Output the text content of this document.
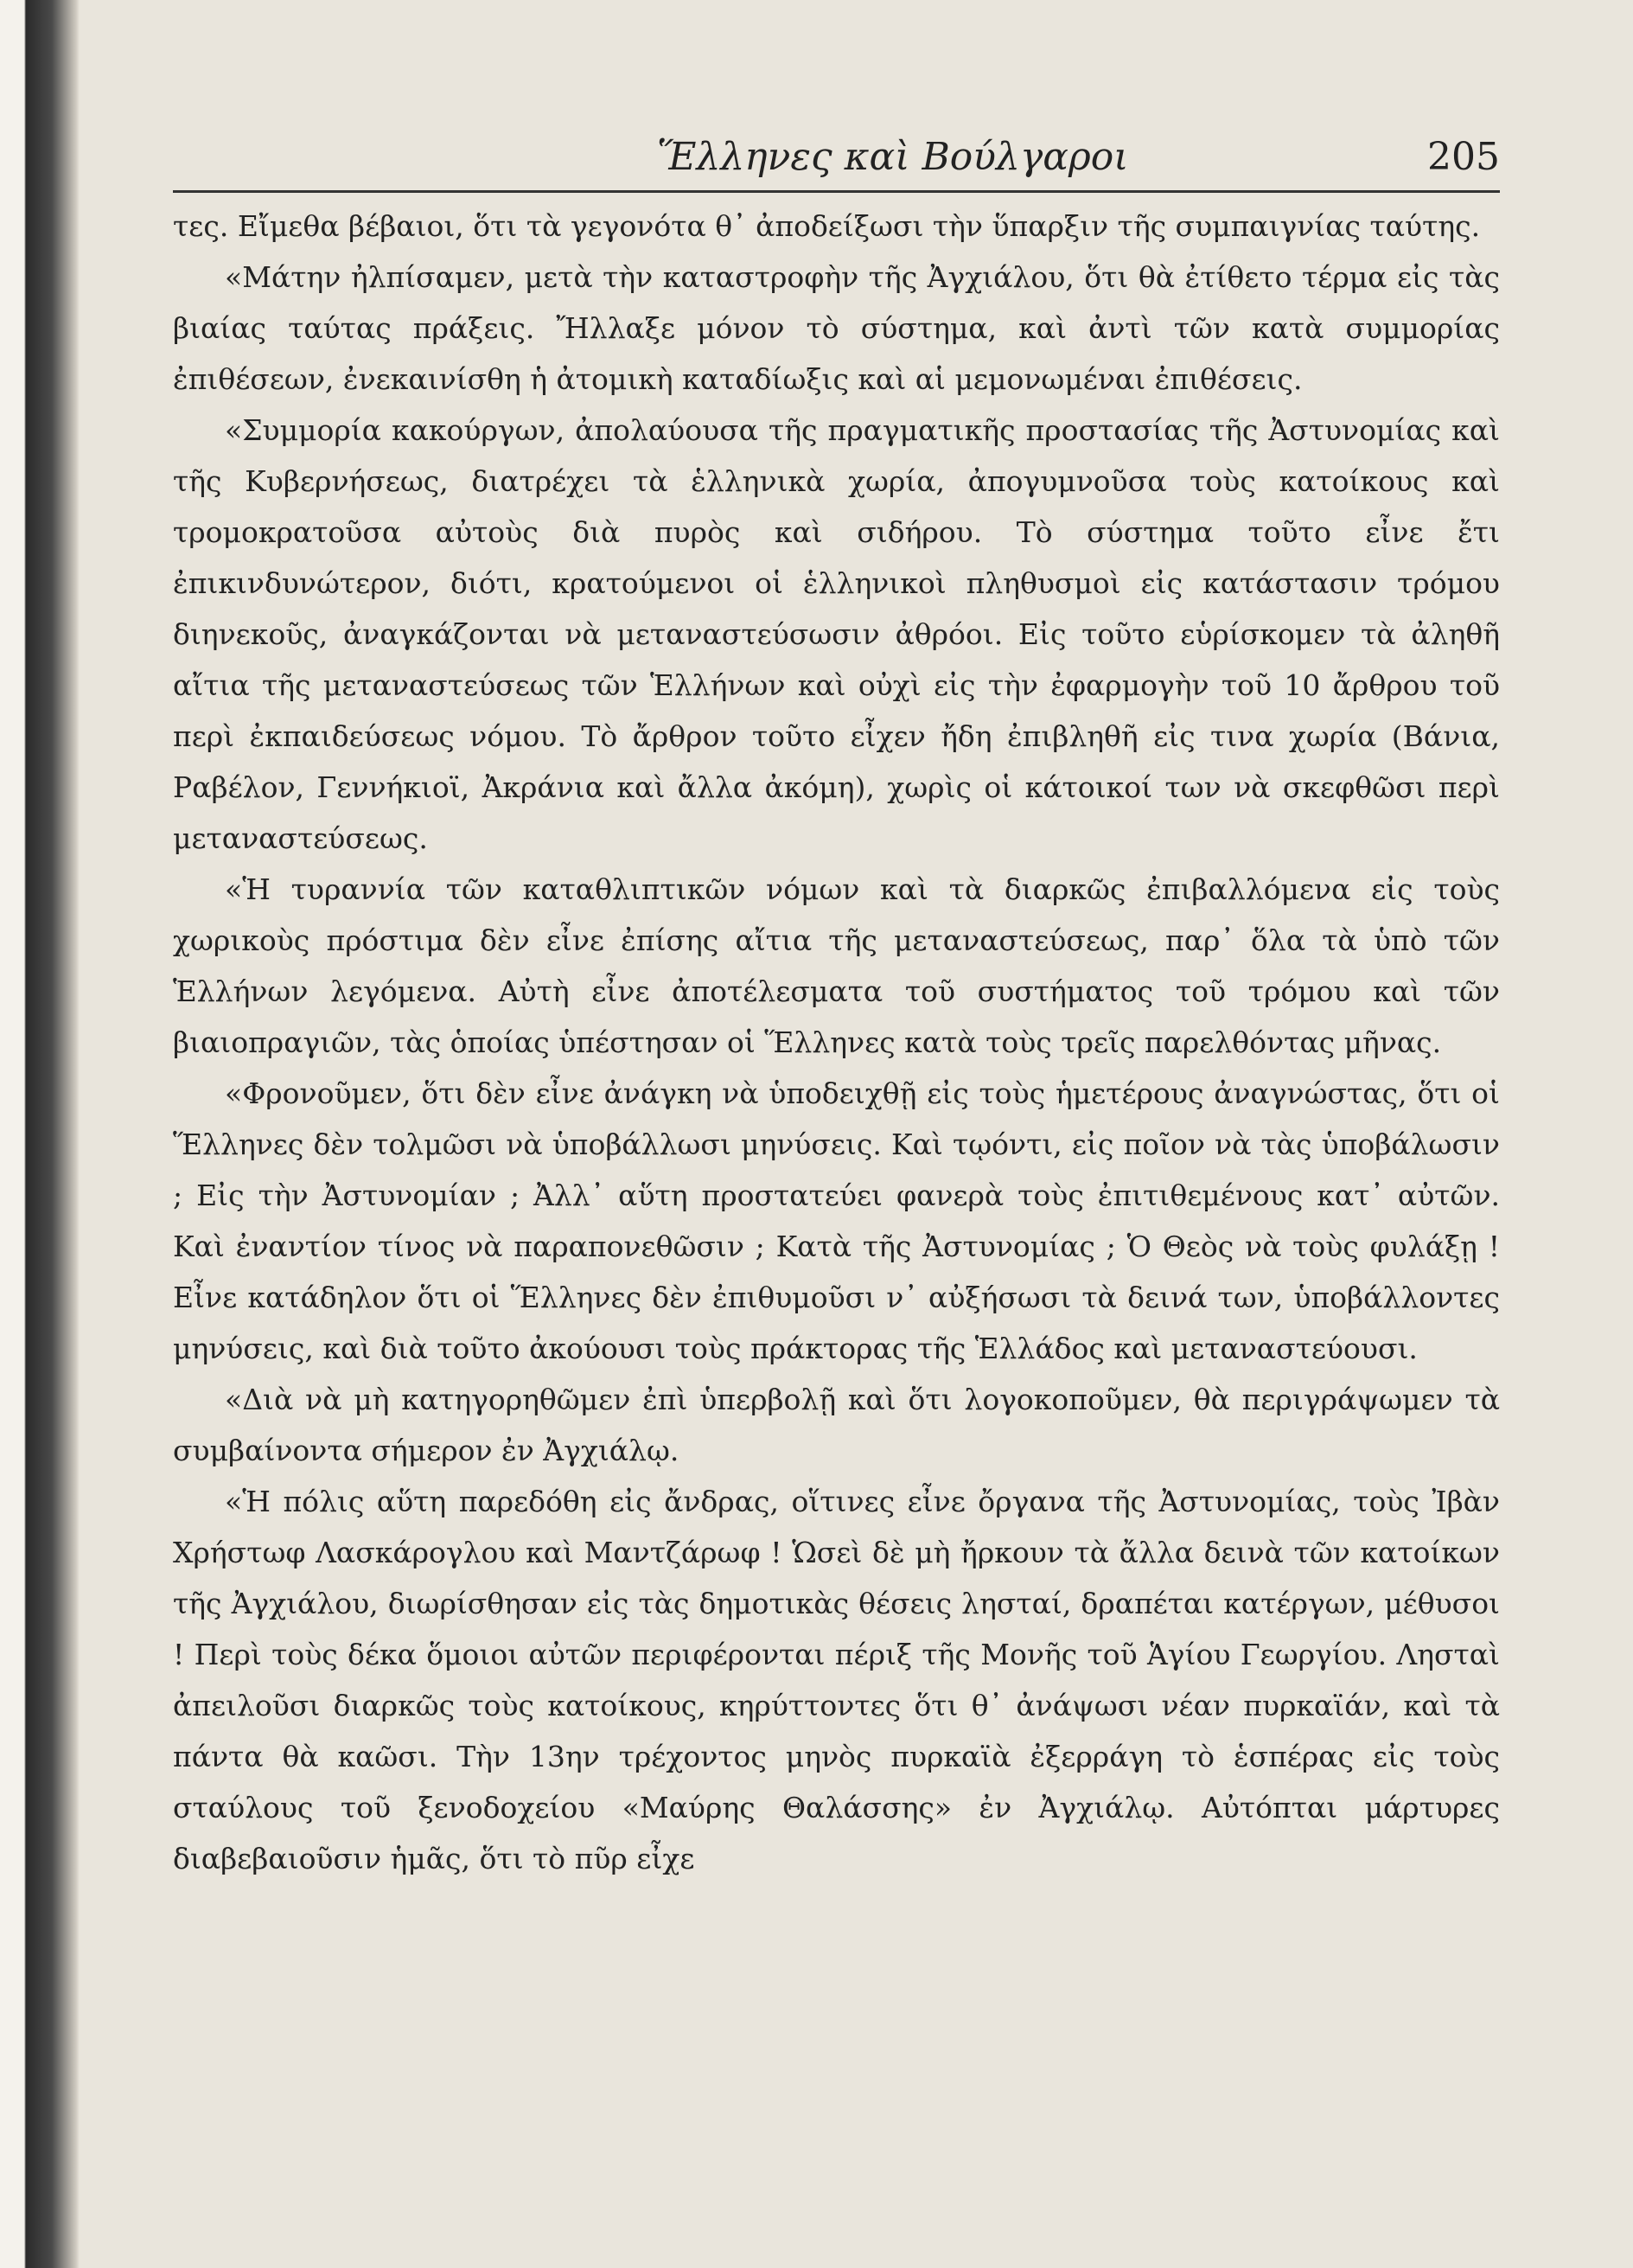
Ἕλληνες καὶ Βούλγαροι	205

τες. Εἴμεθα βέβαιοι, ὅτι τὰ γεγονότα θ᾿ ἀποδείξωσι τὴν ὕπαρξιν τῆς συμπαιγνίας ταύτης.

«Μάτην ἠλπίσαμεν, μετὰ τὴν καταστροφὴν τῆς Ἀγχιάλου, ὅτι θὰ ἐτίθετο τέρμα εἰς τὰς βιαίας ταύτας πράξεις. Ἤλλαξε μόνον τὸ σύστημα, καὶ ἀντὶ τῶν κατὰ συμμορίας ἐπιθέσεων, ἐνεκαινίσθη ἡ ἀτομικὴ καταδίωξις καὶ αἱ μεμονωμέναι ἐπιθέσεις.

«Συμμορία κακούργων, ἀπολαύουσα τῆς πραγματικῆς προστασίας τῆς Ἀστυνομίας καὶ τῆς Κυβερνήσεως, διατρέχει τὰ ἑλληνικὰ χωρία, ἀπογυμνοῦσα τοὺς κατοίκους καὶ τρομοκρατοῦσα αὐτοὺς διὰ πυρὸς καὶ σιδήρου. Τὸ σύστημα τοῦτο εἶνε ἔτι ἐπικινδυνώτερον, διότι, κρατούμενοι οἱ ἑλληνικοὶ πληθυσμοὶ εἰς κατάστασιν τρόμου διηνεκοῦς, ἀναγκάζονται νὰ μεταναστεύσωσιν ἀθρόοι. Εἰς τοῦτο εὑρίσκομεν τὰ ἀληθῆ αἴτια τῆς μεταναστεύσεως τῶν Ἑλλήνων καὶ οὐχὶ εἰς τὴν ἐφαρμογὴν τοῦ 10 ἄρθρου τοῦ περὶ ἐκπαιδεύσεως νόμου. Τὸ ἄρθρον τοῦτο εἶχεν ἤδη ἐπιβληθῆ εἰς τινα χωρία (Βάνια, Ραβέλον, Γεννήκιοϊ, Ἀκράνια καὶ ἄλλα ἀκόμη), χωρὶς οἱ κάτοικοί των νὰ σκεφθῶσι περὶ μεταναστεύσεως.

«Ἡ τυραννία τῶν καταθλιπτικῶν νόμων καὶ τὰ διαρκῶς ἐπιβαλλόμενα εἰς τοὺς χωρικοὺς πρόστιμα δὲν εἶνε ἐπίσης αἴτια τῆς μεταναστεύσεως, παρ᾿ ὅλα τὰ ὑπὸ τῶν Ἑλλήνων λεγόμενα. Αὐτὴ εἶνε ἀποτέλεσματα τοῦ συστήματος τοῦ τρόμου καὶ τῶν βιαιοπραγιῶν, τὰς ὁποίας ὑπέστησαν οἱ Ἕλληνες κατὰ τοὺς τρεῖς παρελθόντας μῆνας.

«Φρονοῦμεν, ὅτι δὲν εἶνε ἀνάγκη νὰ ὑποδειχθῇ εἰς τοὺς ἡμετέρους ἀναγνώστας, ὅτι οἱ Ἕλληνες δὲν τολμῶσι νὰ ὑποβάλλωσι μηνύσεις. Καὶ τῳόντι, εἰς ποῖον νὰ τὰς ὑποβάλωσιν ; Εἰς τὴν Ἀστυνομίαν ; Ἀλλ᾿ αὕτη προστατεύει φανερὰ τοὺς ἐπιτιθεμένους κατ᾿ αὐτῶν. Καὶ ἐναντίον τίνος νὰ παραπονεθῶσιν ; Κατὰ τῆς Ἀστυνομίας ; Ὁ Θεὸς νὰ τοὺς φυλάξῃ ! Εἶνε κατάδηλον ὅτι οἱ Ἕλληνες δὲν ἐπιθυμοῦσι ν᾿ αὐξήσωσι τὰ δεινά των, ὑποβάλλοντες μηνύσεις, καὶ διὰ τοῦτο ἀκούουσι τοὺς πράκτορας τῆς Ἑλλάδος καὶ μεταναστεύουσι.

«Διὰ νὰ μὴ κατηγορηθῶμεν ἐπὶ ὑπερβολῇ καὶ ὅτι λογοκοποῦμεν, θὰ περιγράψωμεν τὰ συμβαίνοντα σήμερον ἐν Ἀγχιάλῳ.

«Ἡ πόλις αὕτη παρεδόθη εἰς ἄνδρας, οἵτινες εἶνε ὄργανα τῆς Ἀστυνομίας, τοὺς Ἰβὰν Χρήστωφ Λασκάρογλου καὶ Μαντζάρωφ ! Ὡσεὶ δὲ μὴ ἤρκουν τὰ ἄλλα δεινὰ τῶν κατοίκων τῆς Ἀγχιάλου, διωρίσθησαν εἰς τὰς δημοτικὰς θέσεις λησταί, δραπέται κατέργων, μέθυσοι ! Περὶ τοὺς δέκα ὅμοιοι αὐτῶν περιφέρονται πέριξ τῆς Μονῆς τοῦ Ἁγίου Γεωργίου. Λησταὶ ἀπειλοῦσι διαρκῶς τοὺς κατοίκους, κηρύττοντες ὅτι θ᾿ ἀνάψωσι νέαν πυρκαϊάν, καὶ τὰ πάντα θὰ καῶσι. Τὴν 13ην τρέχοντος μηνὸς πυρκαϊὰ ἐξερράγη τὸ ἑσπέρας εἰς τοὺς σταύλους τοῦ ξενοδοχείου «Μαύρης Θαλάσσης» ἐν Ἀγχιάλῳ. Αὐτόπται μάρτυρες διαβεβαιοῦσιν ἡμᾶς, ὅτι τὸ πῦρ εἶχε
